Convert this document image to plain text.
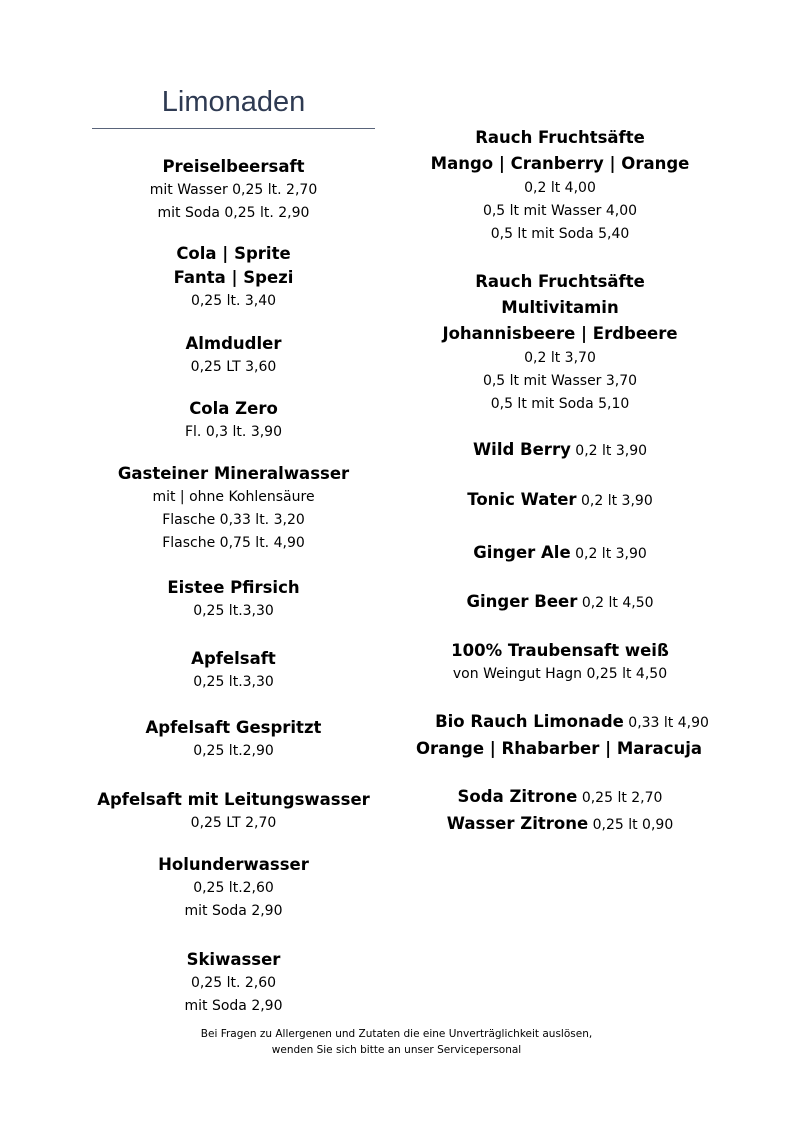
Limonaden
Preiselbeersaft
mit Wasser 0,25 lt. 2,70
mit Soda 0,25 lt. 2,90
Cola | Sprite
Fanta | Spezi
0,25 lt. 3,40
Almdudler
0,25 LT 3,60
Cola Zero
Fl. 0,3 lt. 3,90
Gasteiner Mineralwasser
mit | ohne Kohlensäure
Flasche 0,33 lt. 3,20
Flasche 0,75 lt. 4,90
Eistee Pfirsich
0,25 lt.3,30
Apfelsaft
0,25 lt.3,30
Apfelsaft Gespritzt
0,25 lt.2,90
Apfelsaft mit Leitungswasser
0,25 LT 2,70
Holunderwasser
0,25 lt.2,60
mit Soda 2,90
Skiwasser
0,25 lt. 2,60
mit Soda 2,90
Rauch Fruchtsäfte
Mango | Cranberry | Orange
0,2 lt 4,00
0,5 lt mit Wasser 4,00
0,5 lt mit Soda 5,40
Rauch Fruchtsäfte
Multivitamin
Johannisbeere | Erdbeere
0,2 lt 3,70
0,5 lt mit Wasser 3,70
0,5 lt mit Soda 5,10
Wild Berry 0,2 lt 3,90
Tonic Water 0,2 lt 3,90
Ginger Ale 0,2 lt 3,90
Ginger Beer 0,2 lt 4,50
100% Traubensaft weiß
von Weingut Hagn 0,25 lt 4,50
Bio Rauch Limonade 0,33 lt 4,90
Orange | Rhabarber | Maracuja
Soda Zitrone 0,25 lt 2,70
Wasser Zitrone 0,25 lt 0,90
Bei Fragen zu Allergenen und Zutaten die eine Unverträglichkeit auslösen,
wenden Sie sich bitte an unser Servicepersonal
